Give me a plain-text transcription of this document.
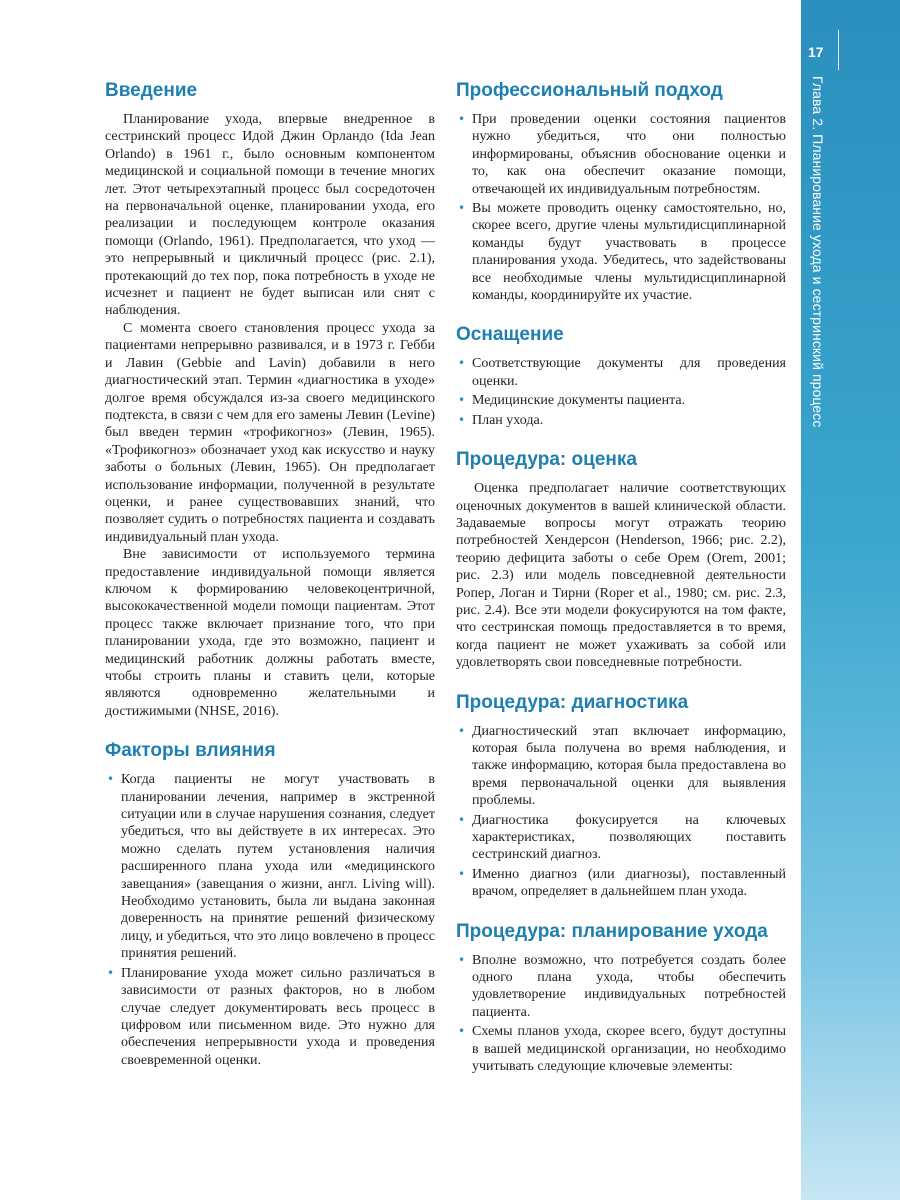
17
Глава 2. Планирование ухода и сестринский процесс
Введение

Планирование ухода, впервые внедренное в сестринский процесс Идой Джин Орландо (Ida Jean Orlando) в 1961 г., было основным компонентом медицинской и социальной помощи в течение многих лет. Этот четырехэтапный процесс был сосредоточен на первоначальной оценке, планировании ухода, его реализации и последующем контроле оказания помощи (Orlando, 1961). Предполагается, что уход — это непрерывный и цикличный процесс (рис. 2.1), протекающий до тех пор, пока потребность в уходе не исчезнет и пациент не будет выписан или снят с наблюдения.

С момента своего становления процесс ухода за пациентами непрерывно развивался, и в 1973 г. Гебби и Лавин (Gebbie and Lavin) добавили в него диагностический этап. Термин «диагностика в уходе» долгое время обсуждался из-за своего медицинского подтекста, в связи с чем для его замены Левин (Levine) был введен термин «трофикогноз» (Левин, 1965). «Трофикогноз» обозначает уход как искусство и науку заботы о больных (Левин, 1965). Он предполагает использование информации, полученной в результате оценки, и ранее существовавших знаний, что позволяет судить о потребностях пациента и создавать индивидуальный план ухода.

Вне зависимости от используемого термина предоставление индивидуальной помощи является ключом к формированию человекоцентричной, высококачественной модели помощи пациентам. Этот процесс также включает признание того, что при планировании ухода, где это возможно, пациент и медицинский работник должны работать вместе, чтобы строить планы и ставить цели, которые являются одновременно желательными и достижимыми (NHSE, 2016).

Факторы влияния
• Когда пациенты не могут участвовать в планировании лечения, например в экстренной ситуации или в случае нарушения сознания, следует убедиться, что вы действуете в их интересах. Это можно сделать путем установления наличия расширенного плана ухода или «медицинского завещания» (завещания о жизни, англ. Living will). Необходимо установить, была ли выдана законная доверенность на принятие решений физическому лицу, и убедиться, что это лицо вовлечено в процесс принятия решений.
• Планирование ухода может сильно различаться в зависимости от разных факторов, но в любом случае следует документировать весь процесс в цифровом или письменном виде. Это нужно для обеспечения непрерывности ухода и проведения своевременной оценки.
Профессиональный подход
• При проведении оценки состояния пациентов нужно убедиться, что они полностью информированы, объяснив обоснование оценки и то, как она обеспечит оказание помощи, отвечающей их индивидуальным потребностям.
• Вы можете проводить оценку самостоятельно, но, скорее всего, другие члены мультидисциплинарной команды будут участвовать в процессе планирования ухода. Убедитесь, что задействованы все необходимые члены мультидисциплинарной команды, координируйте их участие.
Оснащение
• Соответствующие документы для проведения оценки.
• Медицинские документы пациента.
• План ухода.
Процедура: оценка

Оценка предполагает наличие соответствующих оценочных документов в вашей клинической области. Задаваемые вопросы могут отражать теорию потребностей Хендерсон (Henderson, 1966; рис. 2.2), теорию дефицита заботы о себе Орем (Orem, 2001; рис. 2.3) или модель повседневной деятельности Ропер, Логан и Тирни (Roper et al., 1980; см. рис. 2.3, рис. 2.4). Все эти модели фокусируются на том факте, что сестринская помощь предоставляется в то время, когда пациент не может ухаживать за собой или удовлетворять свои повседневные потребности.

Процедура: диагностика
• Диагностический этап включает информацию, которая была получена во время наблюдения, и также информацию, которая была предоставлена во время первоначальной оценки для выявления проблемы.
• Диагностика фокусируется на ключевых характеристиках, позволяющих поставить сестринский диагноз.
• Именно диагноз (или диагнозы), поставленный врачом, определяет в дальнейшем план ухода.
Процедура: планирование ухода
• Вполне возможно, что потребуется создать более одного плана ухода, чтобы обеспечить удовлетворение индивидуальных потребностей пациента.
• Схемы планов ухода, скорее всего, будут доступны в вашей медицинской организации, но необходимо учитывать следующие ключевые элементы:
